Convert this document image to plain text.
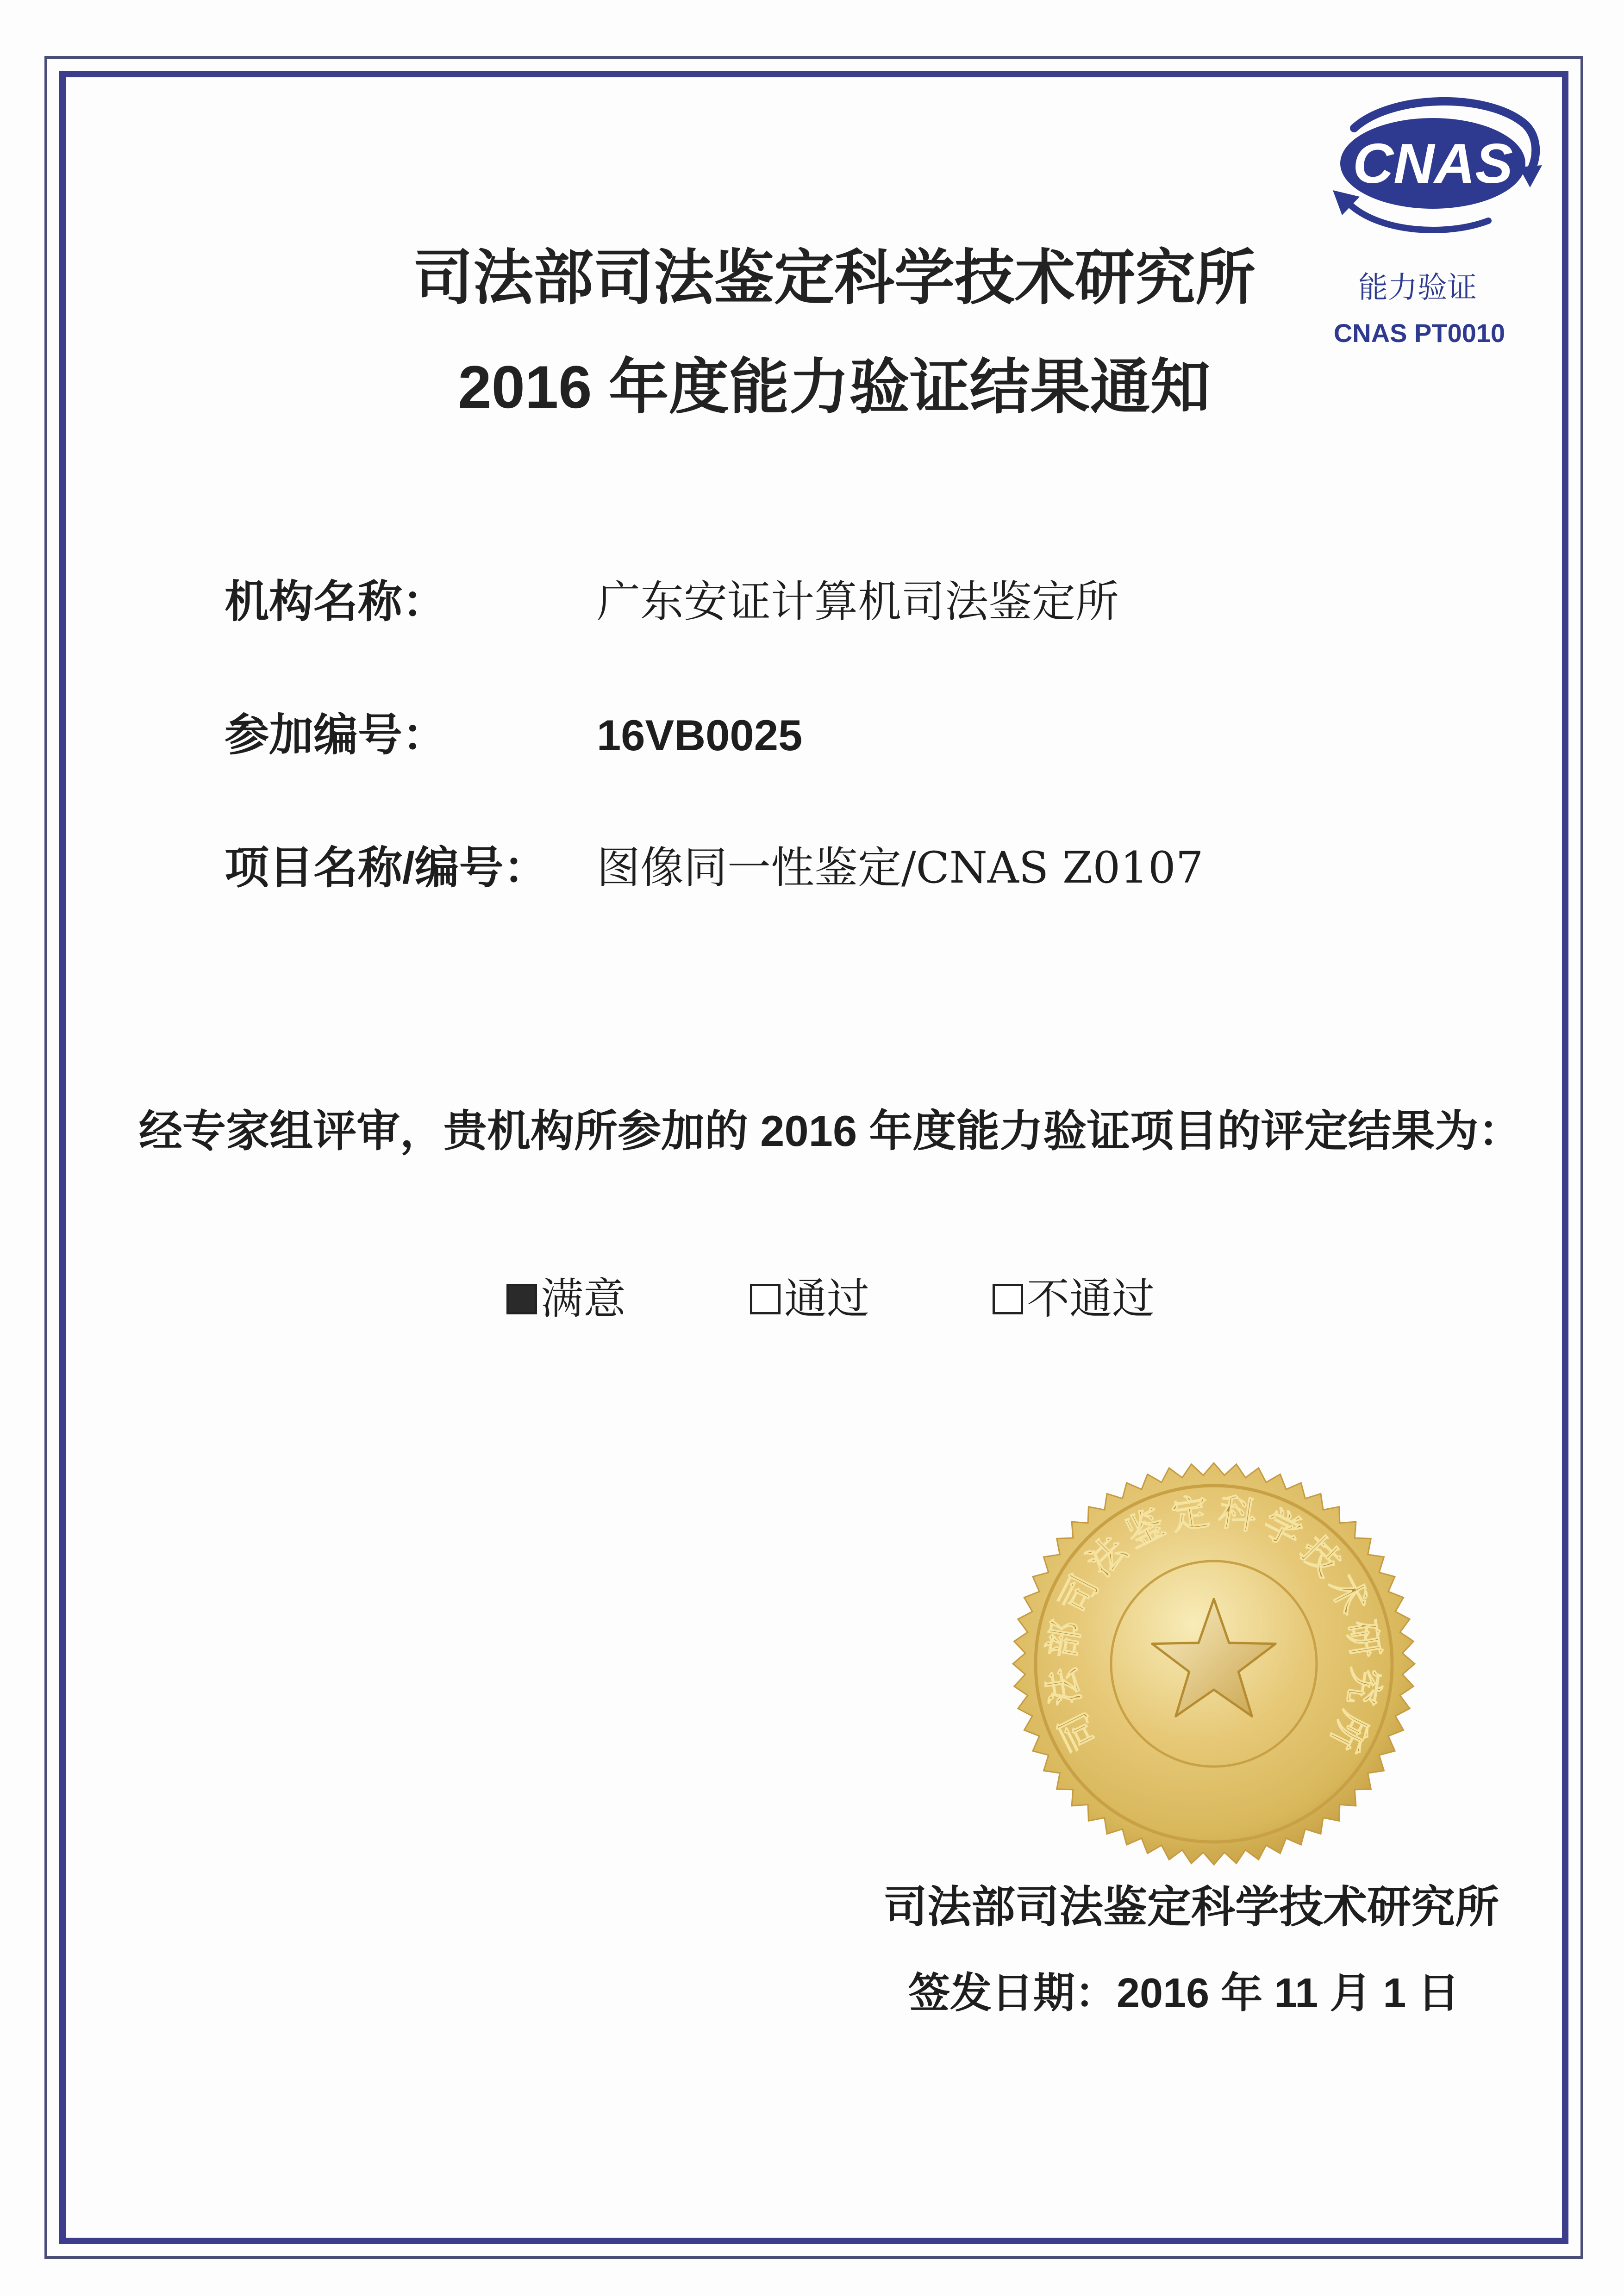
CNAS
能力验证
CNAS PT0010
司法部司法鉴定科学技术研究所
2016 年度能力验证结果通知
机构名称：	广东安证计算机司法鉴定所
参加编号：	16VB0025
项目名称/编号： 图像同一性鉴定/CNAS Z0107
经专家组评审，贵机构所参加的 2016 年度能力验证项目的评定结果为：
满意	通过	不通过
司法部司法鉴定科学技术研究所
司法部司法鉴定科学技术研究所
签发日期：2016 年 11 月 1 日
